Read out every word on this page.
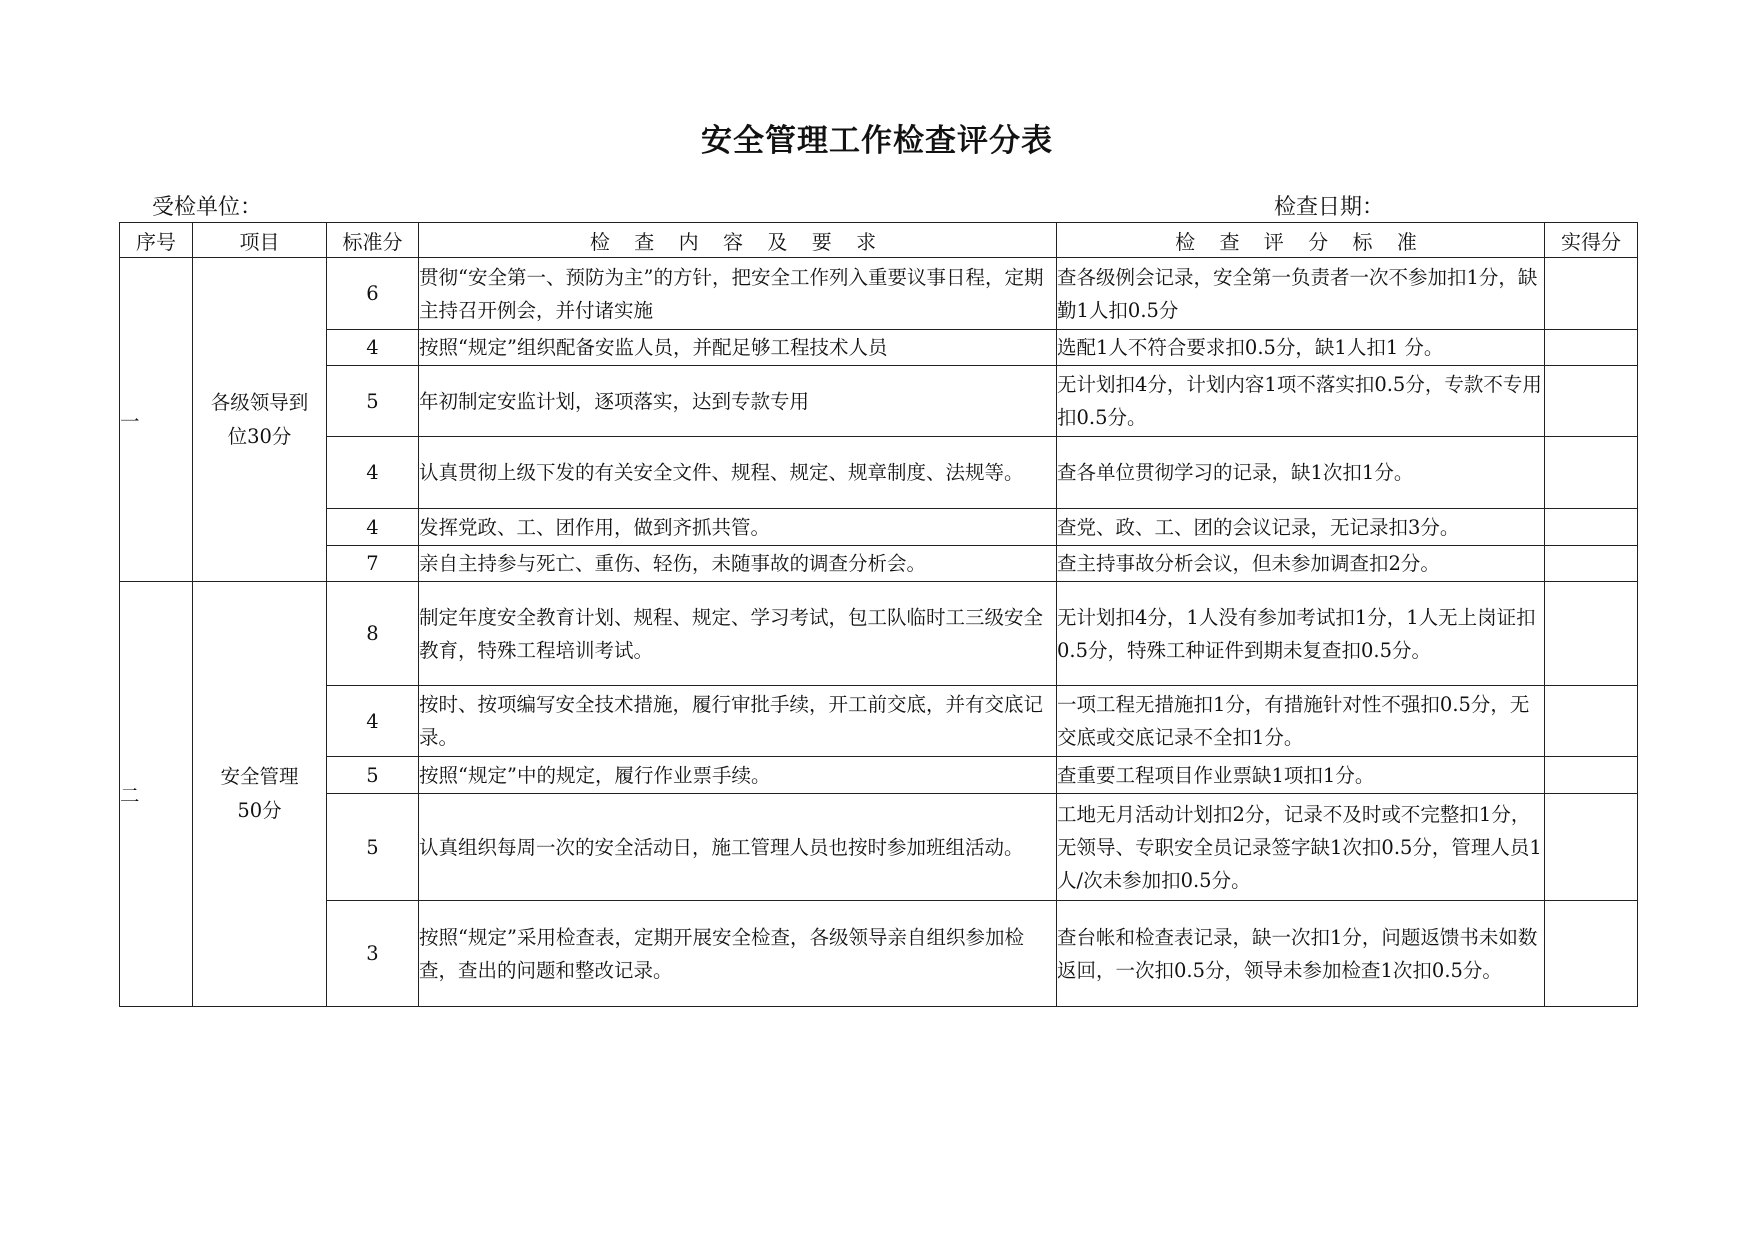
安全管理工作检查评分表
受检单位：	检查日期：
序号	项目	标准分	检 查 内 容 及 要 求	检 查 评 分 标 准	实得分
一	各级领导到位30分	6	贯彻“安全第一、预防为主”的方针，把安全工作列入重要议事日程，定期主持召开例会，并付诸实施	查各级例会记录，安全第一负责者一次不参加扣1分，缺勤1人扣0.5分	
		4	按照“规定”组织配备安监人员，并配足够工程技术人员	选配1人不符合要求扣0.5分，缺1人扣1 分。	
		5	年初制定安监计划，逐项落实，达到专款专用	无计划扣4分，计划内容1项不落实扣0.5分，专款不专用扣0.5分。	
		4	认真贯彻上级下发的有关安全文件、规程、规定、规章制度、法规等。	查各单位贯彻学习的记录，缺1次扣1分。	
		4	发挥党政、工、团作用，做到齐抓共管。	查党、政、工、团的会议记录，无记录扣3分。	
		7	亲自主持参与死亡、重伤、轻伤，未随事故的调查分析会。	查主持事故分析会议，但未参加调查扣2分。	
二	安全管理50分	8	制定年度安全教育计划、规程、规定、学习考试，包工队临时工三级安全教育，特殊工程培训考试。	无计划扣4分，1人没有参加考试扣1分，1人无上岗证扣0.5分，特殊工种证件到期未复查扣0.5分。	
		4	按时、按项编写安全技术措施，履行审批手续，开工前交底，并有交底记录。	一项工程无措施扣1分，有措施针对性不强扣0.5分，无交底或交底记录不全扣1分。	
		5	按照“规定”中的规定，履行作业票手续。	查重要工程项目作业票缺1项扣1分。	
		5	认真组织每周一次的安全活动日，施工管理人员也按时参加班组活动。	工地无月活动计划扣2分，记录不及时或不完整扣1分，无领导、专职安全员记录签字缺1次扣0.5分，管理人员1人/次未参加扣0.5分。	
		3	按照“规定”采用检查表，定期开展安全检查，各级领导亲自组织参加检查，查出的问题和整改记录。	查台帐和检查表记录，缺一次扣1分，问题返馈书未如数返回，一次扣0.5分，领导未参加检查1次扣0.5分。	
